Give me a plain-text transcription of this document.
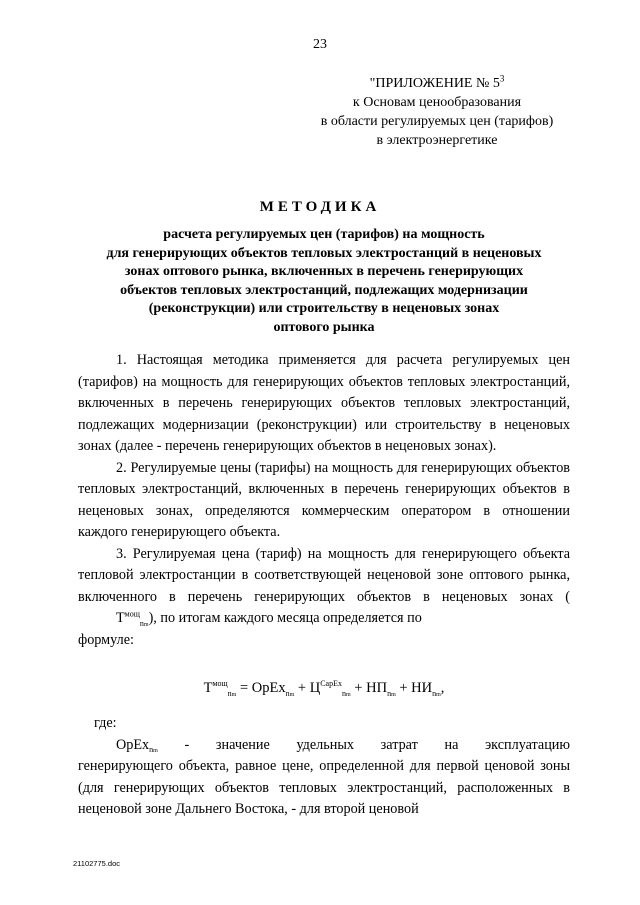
23
"ПРИЛОЖЕНИЕ № $5^3$
к Основам ценообразования
в области регулируемых цен (тарифов)
в электроэнергетике
МЕТОДИКА
расчета регулируемых цен (тарифов) на мощность
для генерирующих объектов тепловых электростанций в неценовых
зонах оптового рынка, включенных в перечень генерирующих
объектов тепловых электростанций, подлежащих модернизации
(реконструкции) или строительству в неценовых зонах
оптового рынка

1. Настоящая методика применяется для расчета регулируемых цен (тарифов) на мощность для генерирующих объектов тепловых электростанций, включенных в перечень генерирующих объектов тепловых электростанций, подлежащих модернизации (реконструкции) или строительству в неценовых зонах (далее - перечень генерирующих объектов в неценовых зонах).

2. Регулируемые цены (тарифы) на мощность для генерирующих объектов тепловых электростанций, включенных в перечень генерирующих объектов в неценовых зонах, определяются коммерческим оператором в отношении каждого генерирующего объекта.

3. Регулируемая цена (тариф) на мощность для генерирующего объекта тепловой электростанции в соответствующей неценовой зоне оптового рынка, включенного в перечень генерирующих объектов в неценовых зонах $(Т^{мощ}_{nm})$, по итогам каждого месяца определяется по

формуле:

$Т^{мощ}_{nm}$ = OpEx$_{nm}$ + $Ц^{CapEx}_{nm} + НП_{nm} + НИ_{nm}$,

где:

OpEx$_{nm}$ - значение удельных затрат на эксплуатацию

генерирующего объекта, равное цене, определенной для первой ценовой зоны (для генерирующих объектов тепловых электростанций, расположенных в неценовой зоне Дальнего Востока, - для второй ценовой

21102775.doc
